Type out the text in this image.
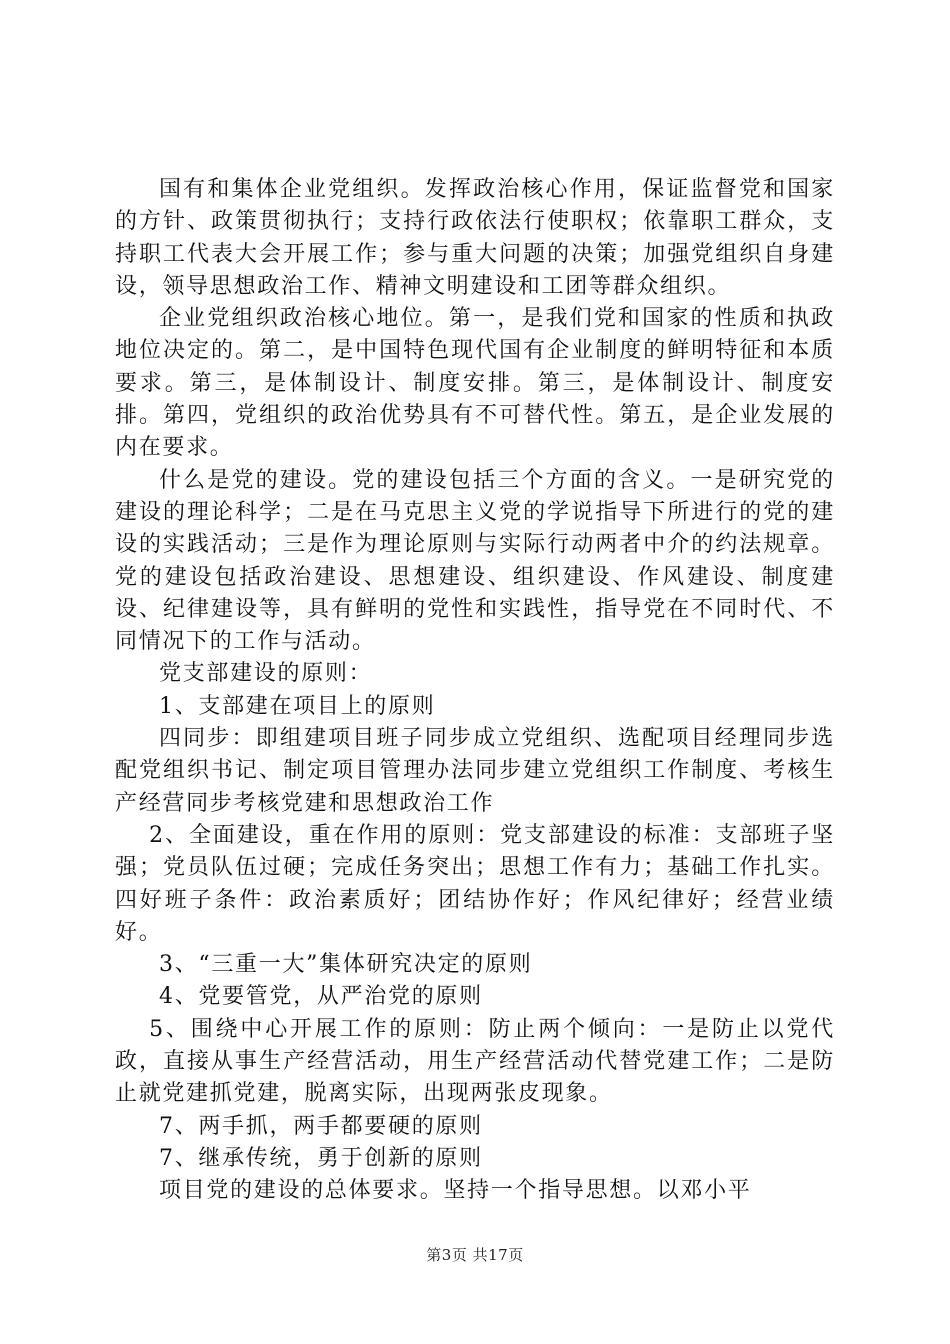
国有和集体企业党组织。发挥政治核心作用，保证监督党和国家的方针、政策贯彻执行；支持行政依法行使职权；依靠职工群众，支持职工代表大会开展工作；参与重大问题的决策；加强党组织自身建设，领导思想政治工作、精神文明建设和工团等群众组织。

企业党组织政治核心地位。第一，是我们党和国家的性质和执政地位决定的。第二，是中国特色现代国有企业制度的鲜明特征和本质要求。第三，是体制设计、制度安排。第三，是体制设计、制度安排。第四，党组织的政治优势具有不可替代性。第五，是企业发展的内在要求。

什么是党的建设。党的建设包括三个方面的含义。一是研究党的建设的理论科学；二是在马克思主义党的学说指导下所进行的党的建设的实践活动；三是作为理论原则与实际行动两者中介的约法规章。党的建设包括政治建设、思想建设、组织建设、作风建设、制度建设、纪律建设等，具有鲜明的党性和实践性，指导党在不同时代、不同情况下的工作与活动。

党支部建设的原则：

1、支部建在项目上的原则

四同步：即组建项目班子同步成立党组织、选配项目经理同步选配党组织书记、制定项目管理办法同步建立党组织工作制度、考核生产经营同步考核党建和思想政治工作

2、全面建设，重在作用的原则：党支部建设的标准：支部班子坚强；党员队伍过硬；完成任务突出；思想工作有力；基础工作扎实。四好班子条件：政治素质好；团结协作好；作风纪律好；经营业绩好。

3、“三重一大”集体研究决定的原则

4、党要管党，从严治党的原则

5、围绕中心开展工作的原则：防止两个倾向：一是防止以党代政，直接从事生产经营活动，用生产经营活动代替党建工作；二是防止就党建抓党建，脱离实际，出现两张皮现象。

7、两手抓，两手都要硬的原则

7、继承传统，勇于创新的原则

项目党的建设的总体要求。坚持一个指导思想。以邓小平

第3页 共17页
